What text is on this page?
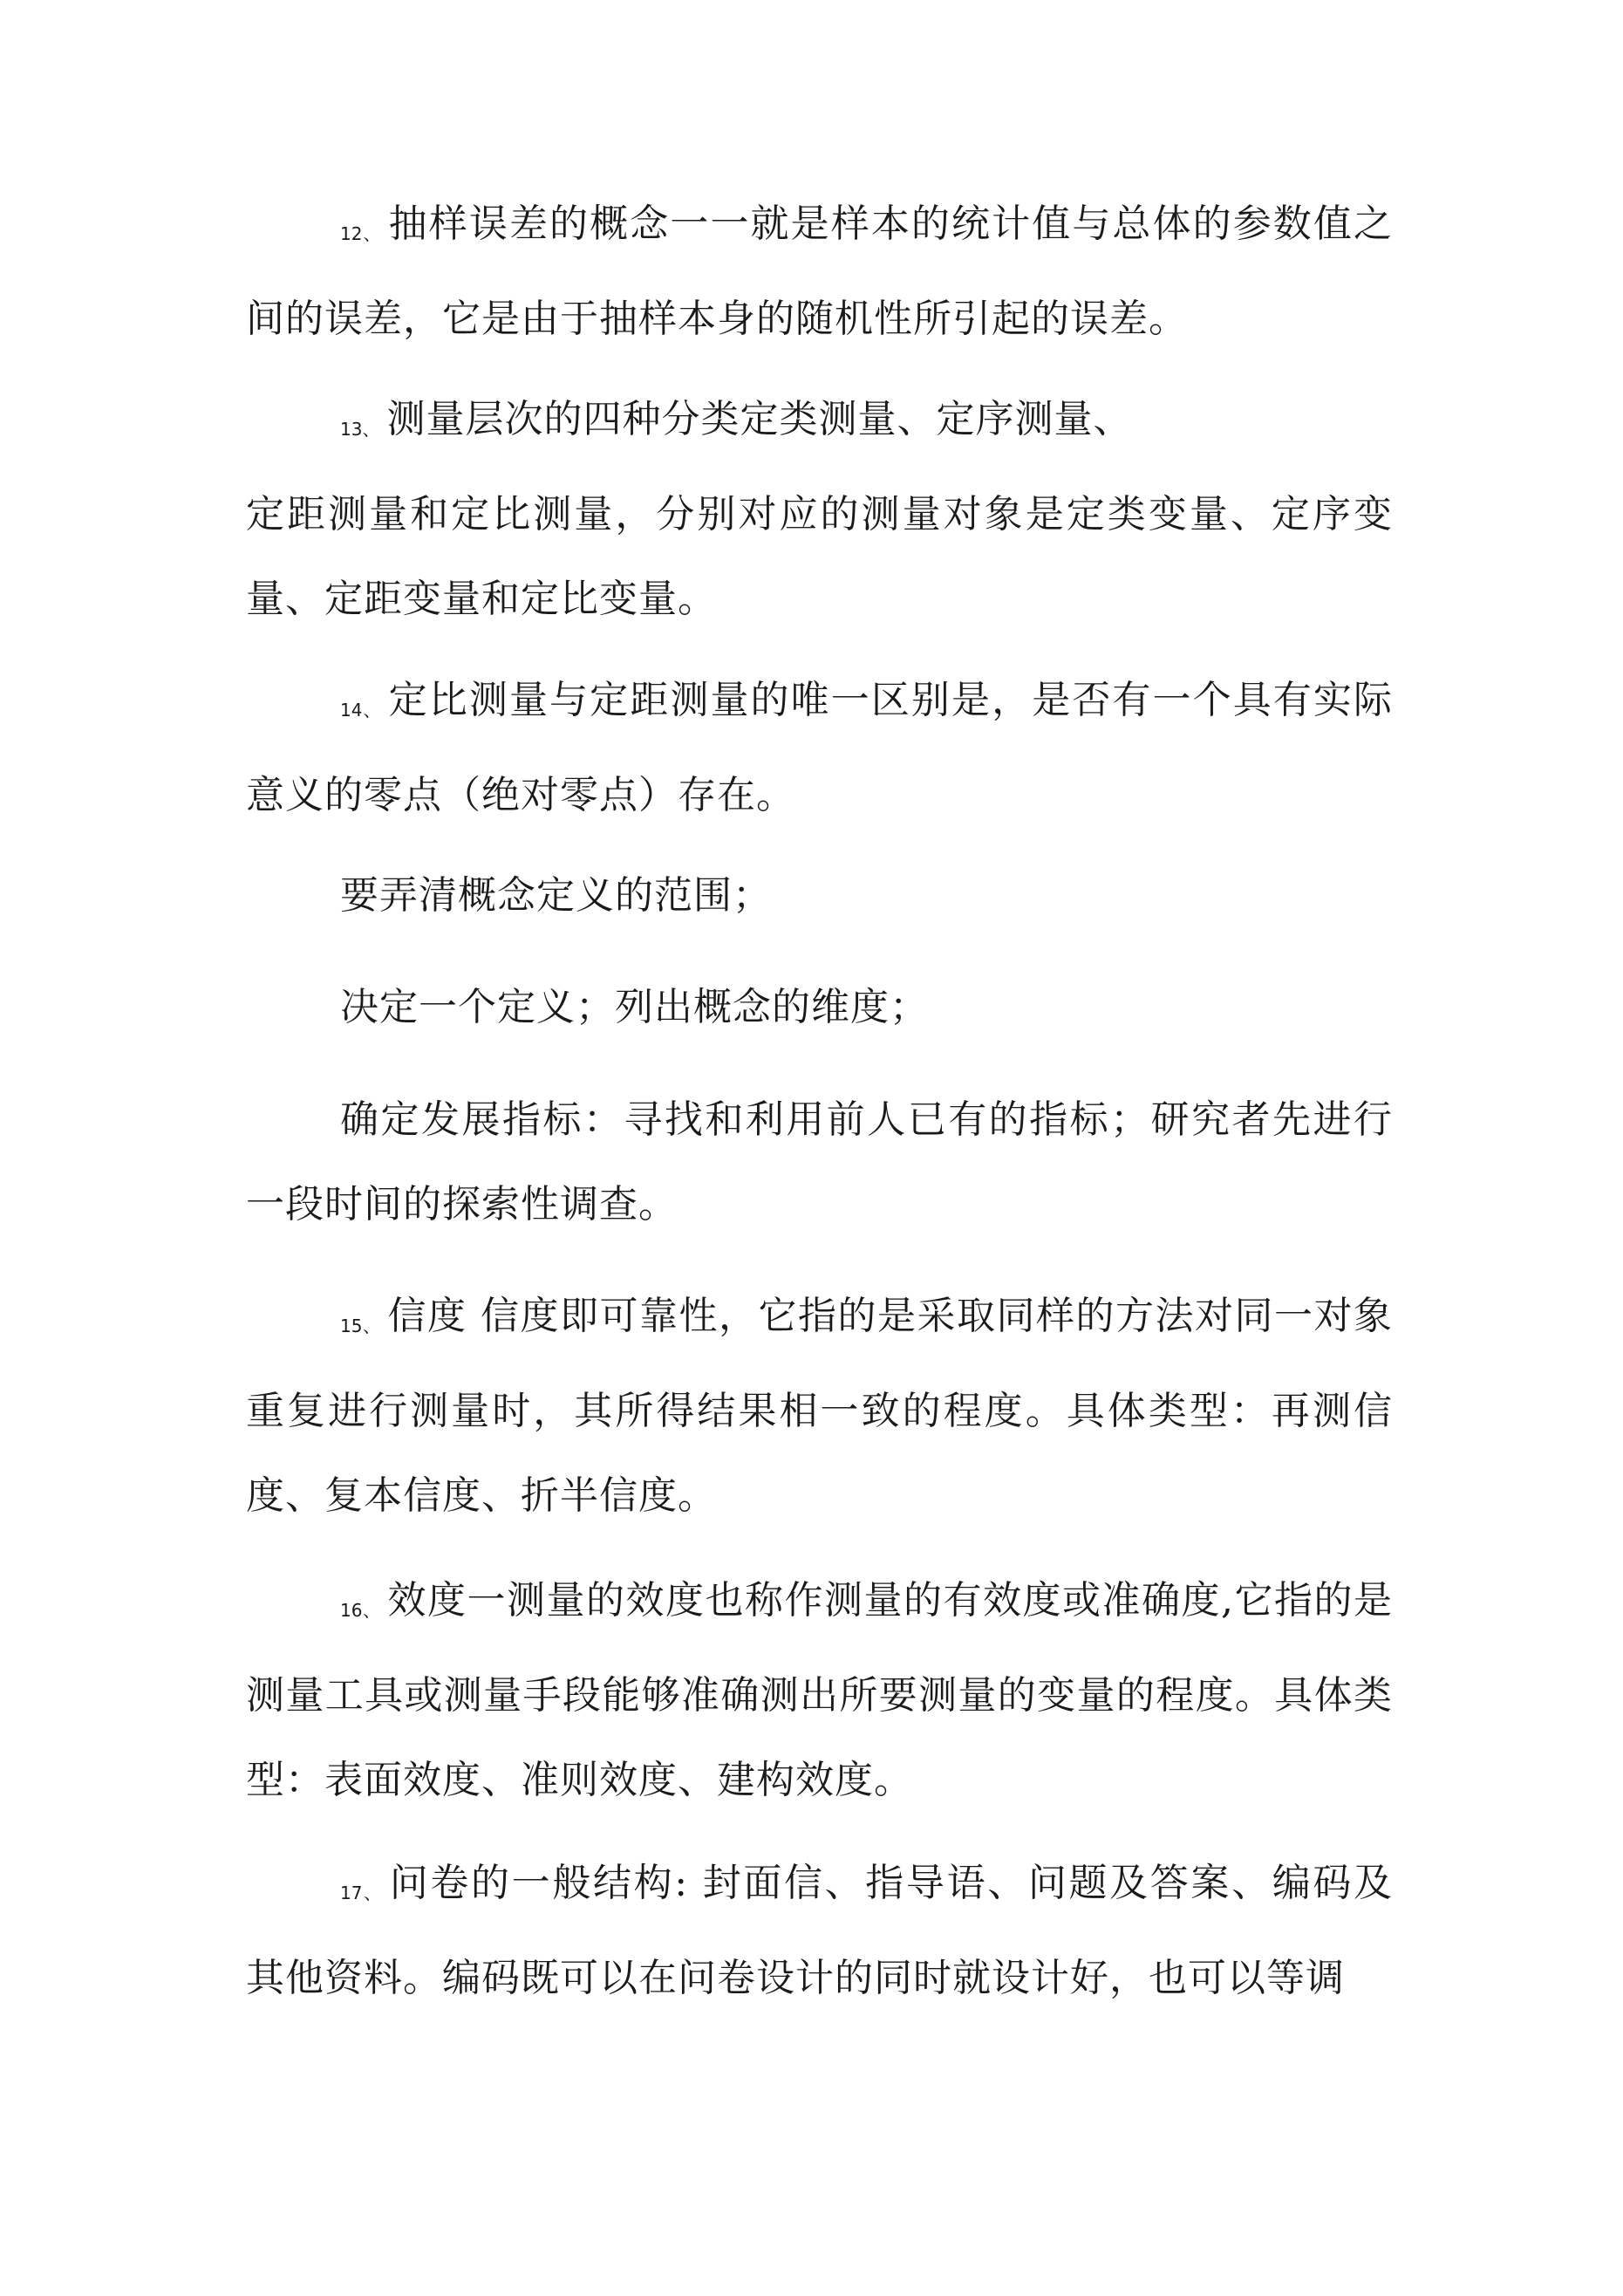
12、 抽样误差的概念一一就是样本的统计值与总体的参数值之间的误差，它是由于抽样本身的随机性所引起的误差。

13、 测量层次的四种分类定类测量、定序测量、
定距测量和定比测量，分别对应的测量对象是定类变量、定序变量、定距变量和定比变量。

14、 定比测量与定距测量的唯一区别是，是否有一个具有实际意义的零点（绝对零点）存在。

要弄清概念定义的范围；

决定一个定义；列出概念的维度；

确定发展指标：寻找和利用前人已有的指标；研究者先进行一段时间的探索性调查。

15、 信度 信度即可靠性，它指的是采取同样的方法对同一对象重复进行测量时，其所得结果相一致的程度。具体类型：再测信度、复本信度、折半信度。

16、 效度一测量的效度也称作测量的有效度或准确度,它指的是测量工具或测量手段能够准确测出所要测量的变量的程度。具体类型：表面效度、准则效度、建构效度。

17、 问卷的一般结构: 封面信、指导语、问题及答案、编码及其他资料。编码既可以在问卷设计的同时就设计好，也可以等调
